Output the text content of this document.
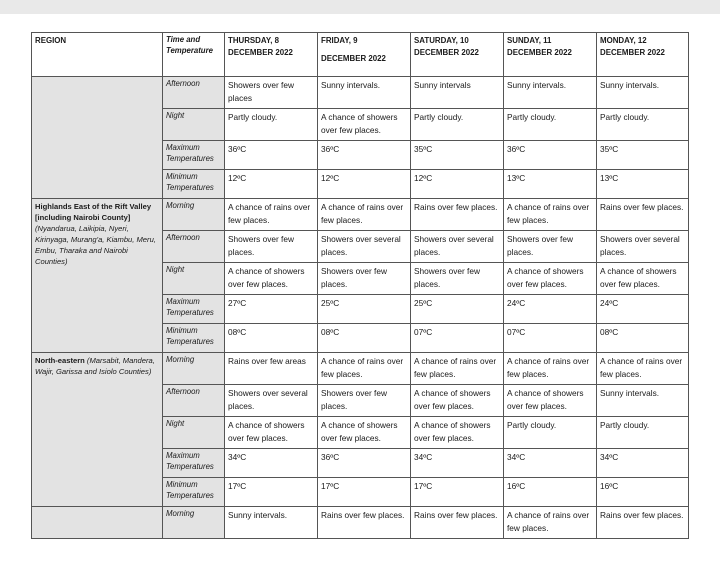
REGION	Time and Temperature	THURSDAY, 8
DECEMBER 2022	FRIDAY, 9
DECEMBER 2022	SATURDAY, 10
DECEMBER 2022	SUNDAY, 11
DECEMBER 2022	MONDAY, 12
DECEMBER 2022
	Afternoon	Showers over few places	Sunny intervals.	Sunny intervals	Sunny intervals.	Sunny intervals.
	Night	Partly cloudy.	A chance of showers over few places.	Partly cloudy.	Partly cloudy.	Partly cloudy.
	Maximum Temperatures	36ºC	36ºC	35ºC	36ºC	35ºC
	Minimum Temperatures	12ºC	12ºC	12ºC	13ºC	13ºC
Highlands East of the Rift Valley [including Nairobi County] (Nyandarua, Laikipia, Nyeri, Kirinyaga, Murang'a, Kiambu, Meru, Embu, Tharaka and Nairobi Counties)	Morning	A chance of rains over few places.	A chance of rains over few places.	Rains over few places.	A chance of rains over few places.	Rains over few places.
	Afternoon	Showers over few places.	Showers over several places.	Showers over several places.	Showers over few places.	Showers over several places.
	Night	A chance of showers over few places.	Showers over few places.	Showers over few places.	A chance of showers over few places.	A chance of showers over few places.
	Maximum Temperatures	27ºC	25ºC	25ºC	24ºC	24ºC
	Minimum Temperatures	08ºC	08ºC	07ºC	07ºC	08ºC
North-eastern (Marsabit, Mandera, Wajir, Garissa and Isiolo Counties)	Morning	Rains over few areas	A chance of rains over few places.	A chance of rains over few places.	A chance of rains over few places.	A chance of rains over few places.
	Afternoon	Showers over several places.	Showers over few places.	A chance of showers over few places.	A chance of showers over few places.	Sunny intervals.
	Night	A chance of showers over few places.	A chance of showers over few places.	A chance of showers over few places.	Partly cloudy.	Partly cloudy.
	Maximum Temperatures	34ºC	36ºC	34ºC	34ºC	34ºC
	Minimum Temperatures	17ºC	17ºC	17ºC	16ºC	16ºC
	Morning	Sunny intervals.	Rains over few places.	Rains over few places.	A chance of rains over few places.	Rains over few places.
